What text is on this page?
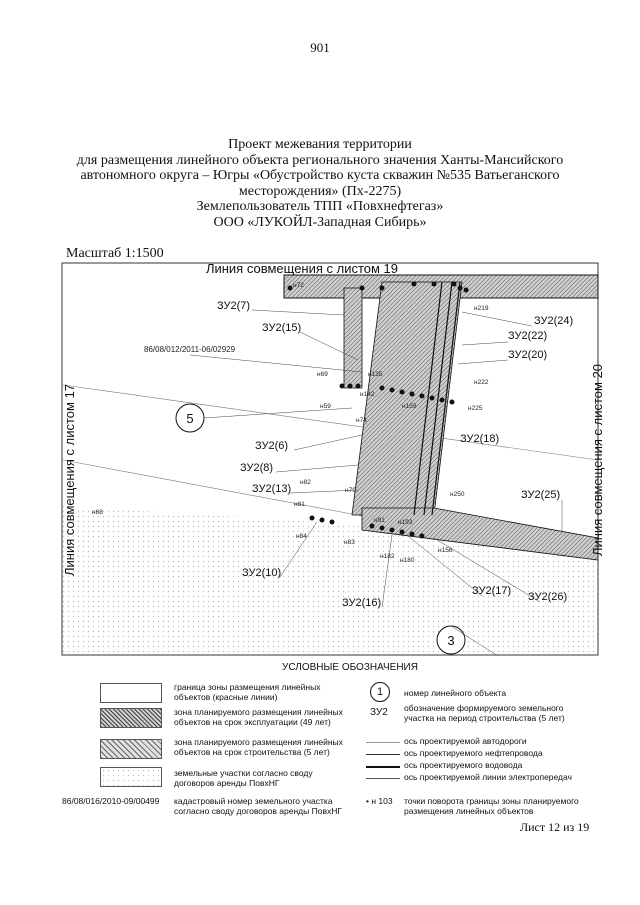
901
Проект межевания территории
для размещения линейного объекта регионального значения Ханты-Мансийского
автономного округа – Югры «Обустройство куста скважин №535 Ватьеганского
месторождения» (Пх-2275)
Землепользователь ТПП «Повхнефтегаз»
ООО «ЛУКОЙЛ-Западная Сибирь»
Масштаб 1:1500
Линия совмещения с листом 19
Линия совмещения с листом 17	Линия совмещения с листом 20
86/08/012/2011-06/02929
5
3
ЗУ2(7)
ЗУ2(15)
ЗУ2(24)
ЗУ2(22)
ЗУ2(20)
ЗУ2(18)
ЗУ2(6)
ЗУ2(8)
ЗУ2(13)	ЗУ2(25)
ЗУ2(10)
ЗУ2(16)
ЗУ2(17) ЗУ2(26)
н72
н219
н135
н69
н222
н142
н59
н74
н225
н159
н250
н79
н68
н81
н84
н193
н180
н182
н156
н82
н83
н91
УСЛОВНЫЕ ОБОЗНАЧЕНИЯ
границa зоны размещения линейных объектов (красные линии)
зона планируемого размещения линейных объектов на срок эксплуатации (49 лет)
зона планируемого размещения линейных объектов на срок строительства (5 лет)
земельные участки согласно своду договоров аренды ПовхНГ
86/08/016/2010-09/00499	кадастровый номер земельного участка согласно своду договоров аренды ПовхНГ
1	номер линейного объекта
ЗУ2 обозначение формируемого земельного участка на период строительства (5 лет)
ось проектируемой автодороги
ось проектируемого нефтепровода
ось проектируемого водовода
ось проектируемой линии электропередач
• н 103 точки поворота границы зоны планируемого размещения линейных объектов
Лист 12 из 19
